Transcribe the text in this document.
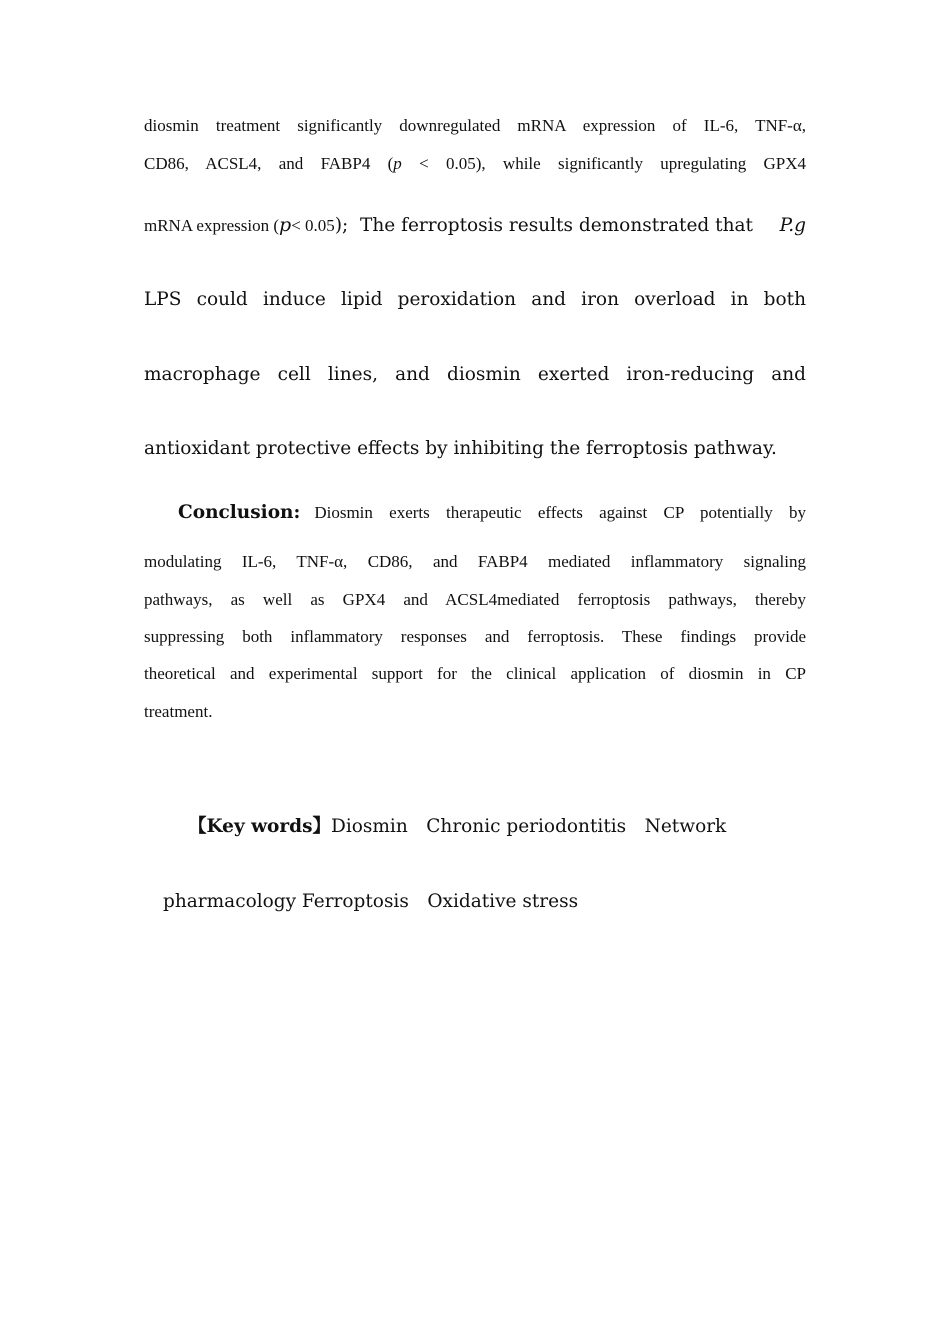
diosmin treatment significantly downregulated mRNA expression of IL-6, TNF-α,
CD86, ACSL4, and FABP4 (p < 0.05), while significantly upregulating GPX4
mRNA expression ( p < 0.05 );  The ferroptosis results demonstrated that P.g
LPS could induce lipid peroxidation and iron overload in both
macrophage cell lines, and diosmin exerted iron-reducing and
antioxidant protective effects by inhibiting the ferroptosis pathway.
Conclusion: Diosmin exerts therapeutic effects against CP potentially by
modulating IL-6, TNF-α, CD86, and FABP4 mediated inflammatory signaling
pathways, as well as GPX4 and ACSL4mediated ferroptosis pathways, thereby
suppressing both inflammatory responses and ferroptosis. These findings provide
theoretical and experimental support for the clinical application of diosmin in CP
treatment.
【Key words】Diosmin　Chronic periodontitis　Network
pharmacology Ferroptosis　Oxidative stress
